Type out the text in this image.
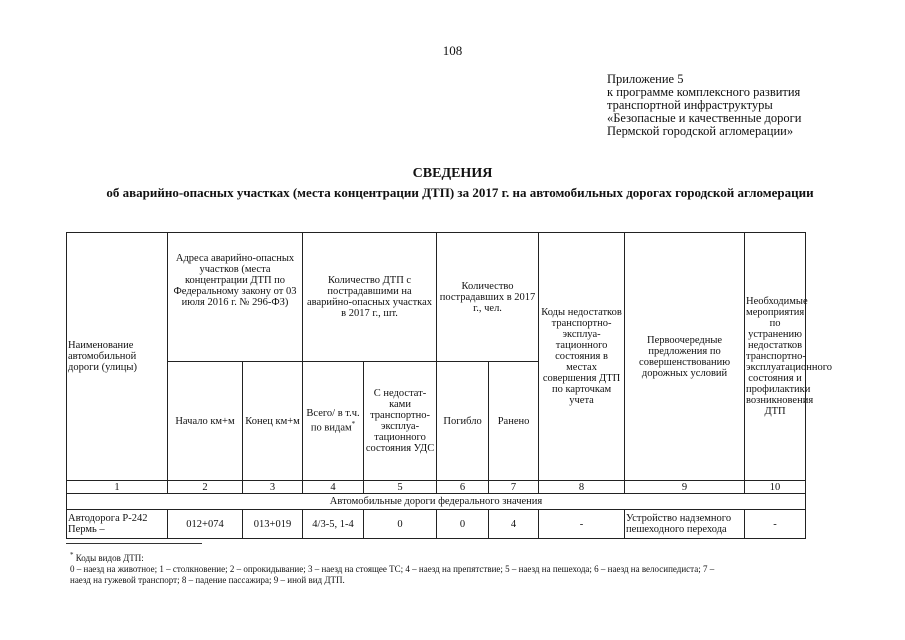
108
Приложение 5
к программе комплексного развития
транспортной инфраструктуры
«Безопасные и качественные дороги
Пермской городской агломерации»
СВЕДЕНИЯ
об аварийно-опасных участках (места концентрации ДТП) за 2017 г. на автомобильных дорогах городской агломерации
Наименование автомобильной дороги (улицы)	Адреса аварийно-опасных участков (места концентрации ДТП по Федеральному закону от 03 июля 2016 г. № 296-ФЗ)		Количество ДТП с пострадавшими на аварийно-опасных участках в 2017 г., шт.		Количество пострадавших в 2017 г., чел.		Коды недостатков транспортно-эксплуа-тационного состояния в местах совершения ДТП по карточкам учета	Первоочередные предложения по совершенствованию дорожных условий	Необходимые мероприятия по устранению недостатков транспортно-эксплуатационного состояния и профилактики возникновения ДТП
	Начало км+м	Конец км+м	Всего/ в т.ч. по видам*	С недостат-ками транспортно-эксплуа-тационного состояния УДС	Погибло	Ранено			
1	2	3	4	5	6	7	8	9	10
Автомобильные дороги федерального значения									
Автодорога Р-242 Пермь –	012+074	013+019	4/3-5, 1-4	0	0	4	-	Устройство надземного пешеходного перехода	-
* Коды видов ДТП:
0 – наезд на животное; 1 – столкновение; 2 – опрокидывание; 3 – наезд на стоящее ТС; 4 – наезд на препятствие; 5 – наезд на пешехода; 6 – наезд на велосипедиста; 7 –
наезд на гужевой транспорт; 8 – падение пассажира; 9 – иной вид ДТП.
